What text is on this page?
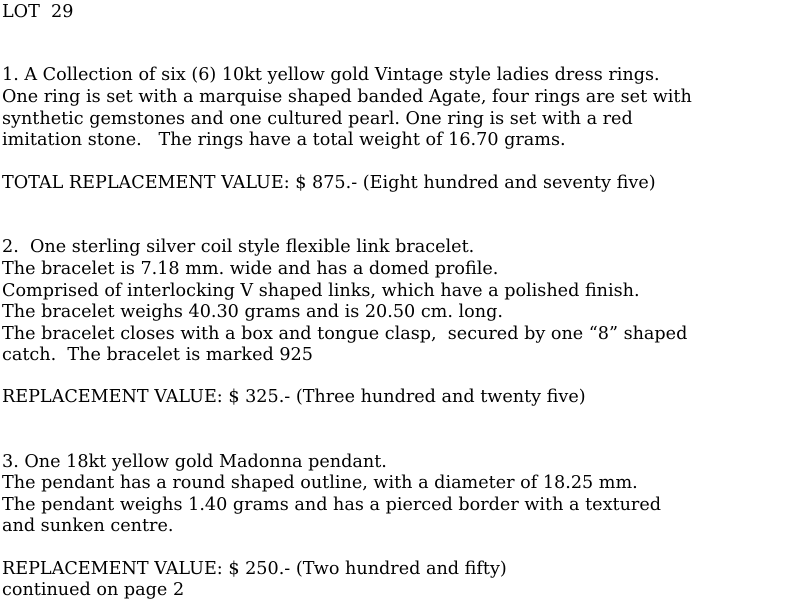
LOT  29

1. A Collection of six (6) 10kt yellow gold Vintage style ladies dress rings.

One ring is set with a marquise shaped banded Agate, four rings are set with

synthetic gemstones and one cultured pearl. One ring is set with a red

imitation stone.   The rings have a total weight of 16.70 grams.

TOTAL REPLACEMENT VALUE: $ 875.- (Eight hundred and seventy five)

2.  One sterling silver coil style flexible link bracelet.

The bracelet is 7.18 mm. wide and has a domed profile.

Comprised of interlocking V shaped links, which have a polished finish.

The bracelet weighs 40.30 grams and is 20.50 cm. long.

The bracelet closes with a box and tongue clasp,  secured by one “8” shaped

catch.  The bracelet is marked 925

REPLACEMENT VALUE: $ 325.- (Three hundred and twenty five)

3. One 18kt yellow gold Madonna pendant.

The pendant has a round shaped outline, with a diameter of 18.25 mm.

The pendant weighs 1.40 grams and has a pierced border with a textured

and sunken centre.

REPLACEMENT VALUE: $ 250.- (Two hundred and fifty)

continued on page 2
